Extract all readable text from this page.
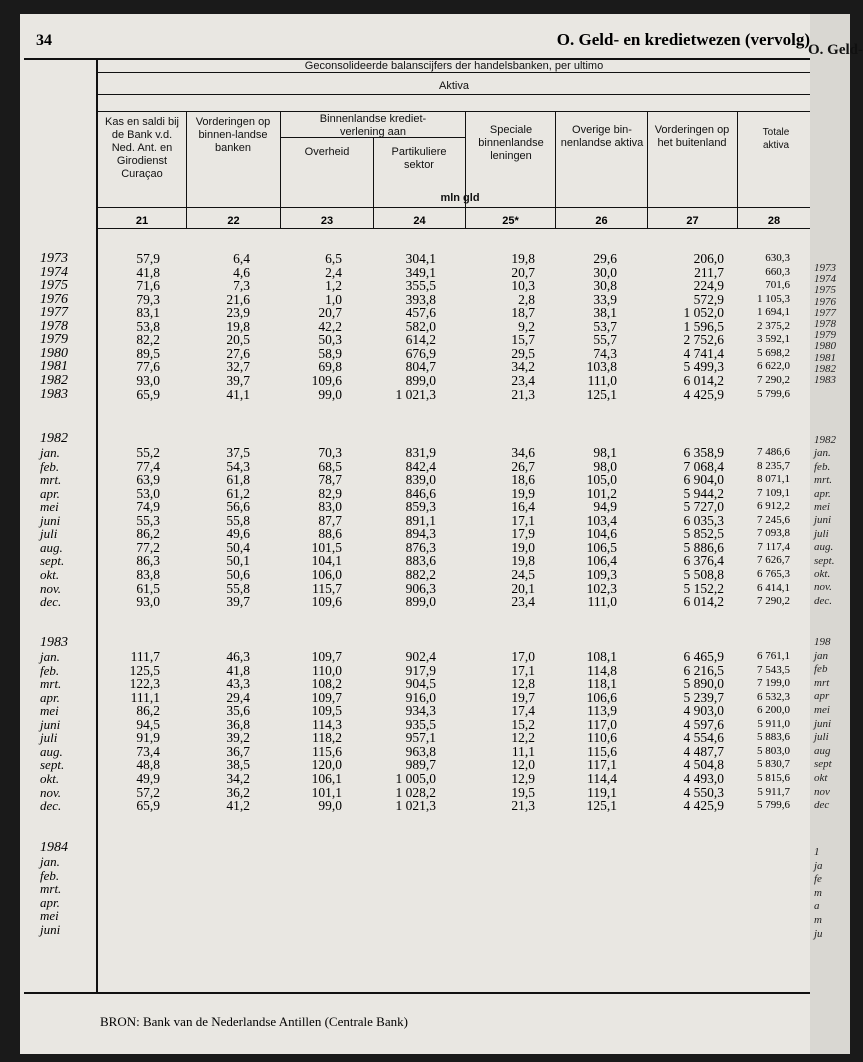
34	O. Geld- en kredietwezen (vervolg)
Geconsolideerde balanscijfers der handelsbanken, per ultimo
Aktiva
Kas en saldi bij de Bank v.d. Ned. Ant. en Girodienst Curaçao
Vorderingen op binnen-landse banken
Binnenlandse krediet-verlening aan
Overheid	Partikuliere sektor
Speciale binnenlandse leningen
Overige bin-nenlandse aktiva
Vorderingen op het buitenland
Totale aktiva
mln gld
21	22	23	24	25*	26	27	28
1973	57,9	6,4	6,5	304,1	19,8	29,6	206,0	630,3
1974	41,8	4,6	2,4	349,1	20,7	30,0	211,7	660,3
1975	71,6	7,3	1,2	355,5	10,3	30,8	224,9	701,6
1976	79,3	21,6	1,0	393,8	2,8	33,9	572,9	1 105,3
1977	83,1	23,9	20,7	457,6	18,7	38,1	1 052,0	1 694,1
1978	53,8	19,8	42,2	582,0	9,2	53,7	1 596,5	2 375,2
1979	82,2	20,5	50,3	614,2	15,7	55,7	2 752,6	3 592,1
1980	89,5	27,6	58,9	676,9	29,5	74,3	4 741,4	5 698,2
1981	77,6	32,7	69,8	804,7	34,2	103,8	5 499,3	6 622,0
1982	93,0	39,7	109,6	899,0	23,4	111,0	6 014,2	7 290,2
1983	65,9	41,1	99,0	1 021,3	21,3	125,1	4 425,9	5 799,6
1982
jan.	55,2	37,5	70,3	831,9	34,6	98,1	6 358,9	7 486,6
feb.	77,4	54,3	68,5	842,4	26,7	98,0	7 068,4	8 235,7
mrt.	63,9	61,8	78,7	839,0	18,6	105,0	6 904,0	8 071,1
apr.	53,0	61,2	82,9	846,6	19,9	101,2	5 944,2	7 109,1
mei	74,9	56,6	83,0	859,3	16,4	94,9	5 727,0	6 912,2
juni	55,3	55,8	87,7	891,1	17,1	103,4	6 035,3	7 245,6
juli	86,2	49,6	88,6	894,3	17,9	104,6	5 852,5	7 093,8
aug.	77,2	50,4	101,5	876,3	19,0	106,5	5 886,6	7 117,4
sept.	86,3	50,1	104,1	883,6	19,8	106,4	6 376,4	7 626,7
okt.	83,8	50,6	106,0	882,2	24,5	109,3	5 508,8	6 765,3
nov.	61,5	55,8	115,7	906,3	20,1	102,3	5 152,2	6 414,1
dec.	93,0	39,7	109,6	899,0	23,4	111,0	6 014,2	7 290,2
1983
jan.	111,7	46,3	109,7	902,4	17,0	108,1	6 465,9	6 761,1
feb.	125,5	41,8	110,0	917,9	17,1	114,8	6 216,5	7 543,5
mrt.	122,3	43,3	108,2	904,5	12,8	118,1	5 890,0	7 199,0
apr.	111,1	29,4	109,7	916,0	19,7	106,6	5 239,7	6 532,3
mei	86,2	35,6	109,5	934,3	17,4	113,9	4 903,0	6 200,0
juni	94,5	36,8	114,3	935,5	15,2	117,0	4 597,6	5 911,0
juli	91,9	39,2	118,2	957,1	12,2	110,6	4 554,6	5 883,6
aug.	73,4	36,7	115,6	963,8	11,1	115,6	4 487,7	5 803,0
sept.	48,8	38,5	120,0	989,7	12,0	117,1	4 504,8	5 830,7
okt.	49,9	34,2	106,1	1 005,0	12,9	114,4	4 493,0	5 815,6
nov.	57,2	36,2	101,1	1 028,2	19,5	119,1	4 550,3	5 911,7
dec.	65,9	41,2	99,0	1 021,3	21,3	125,1	4 425,9	5 799,6
1984
jan.
feb.
mrt.
apr.
mei
juni
BRON: Bank van de Nederlandse Antillen (Centrale Bank)
O. Geld-
1973
1974
1975
1976
1977
1978
1979
1980
1981
1982
1983
1982
jan.
feb.
mrt.
apr.
mei
juni
juli
aug.
sept.
okt.
nov.
dec.
198
jan
feb
mrt
apr
mei
juni
juli
aug
sept
okt
nov
dec
1
ja
fe
m
a
m
ju
